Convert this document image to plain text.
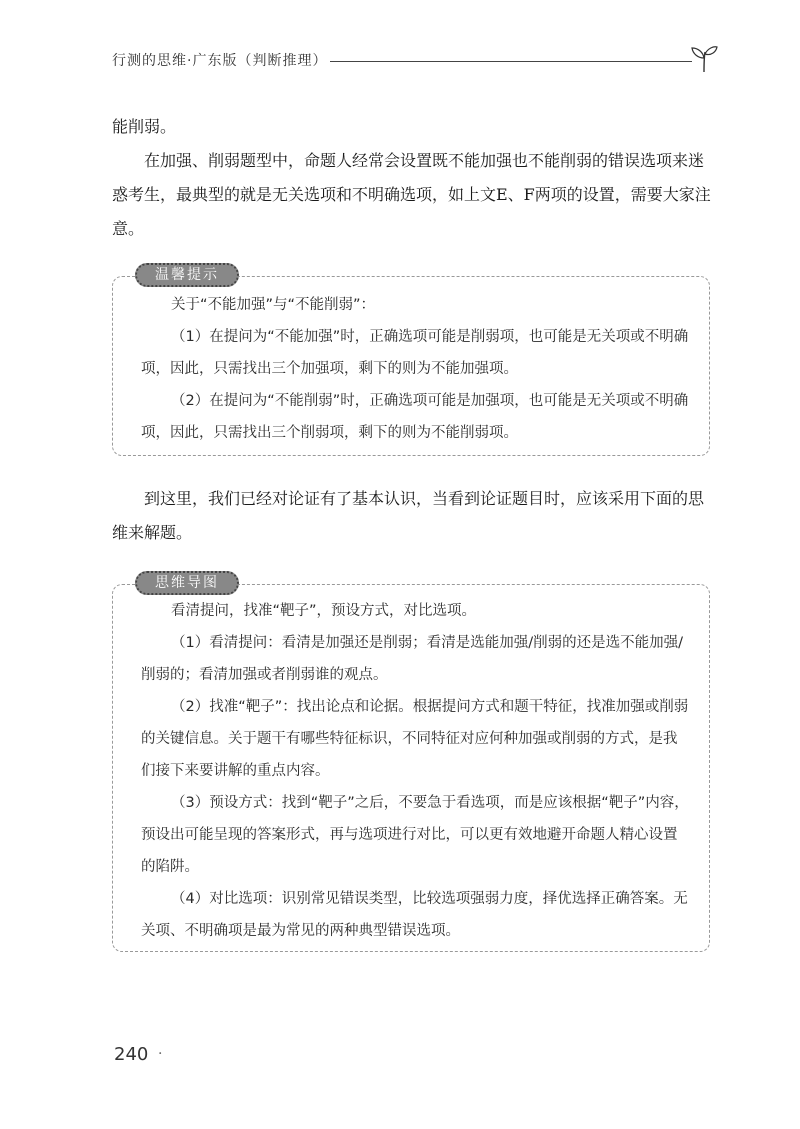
行测的思维·广东版（判断推理）

能削弱。

在加强、削弱题型中，命题人经常会设置既不能加强也不能削弱的错误选项来迷惑考生，最典型的就是无关选项和不明确选项，如上文E、F两项的设置，需要大家注意。

温馨提示

关于“不能加强”与“不能削弱”：

（1）在提问为“不能加强”时，正确选项可能是削弱项，也可能是无关项或不明确项，因此，只需找出三个加强项，剩下的则为不能加强项。

（2）在提问为“不能削弱”时，正确选项可能是加强项，也可能是无关项或不明确项，因此，只需找出三个削弱项，剩下的则为不能削弱项。

到这里，我们已经对论证有了基本认识，当看到论证题目时，应该采用下面的思维来解题。

思维导图

看清提问，找准“靶子”，预设方式，对比选项。

（1）看清提问：看清是加强还是削弱；看清是选能加强/削弱的还是选不能加强/削弱的；看清加强或者削弱谁的观点。

（2）找准“靶子”：找出论点和论据。根据提问方式和题干特征，找准加强或削弱的关键信息。关于题干有哪些特征标识，不同特征对应何种加强或削弱的方式，是我们接下来要讲解的重点内容。

（3）预设方式：找到“靶子”之后，不要急于看选项，而是应该根据“靶子”内容，预设出可能呈现的答案形式，再与选项进行对比，可以更有效地避开命题人精心设置的陷阱。

（4）对比选项：识别常见错误类型，比较选项强弱力度，择优选择正确答案。无关项、不明确项是最为常见的两种典型错误选项。

240 ·
